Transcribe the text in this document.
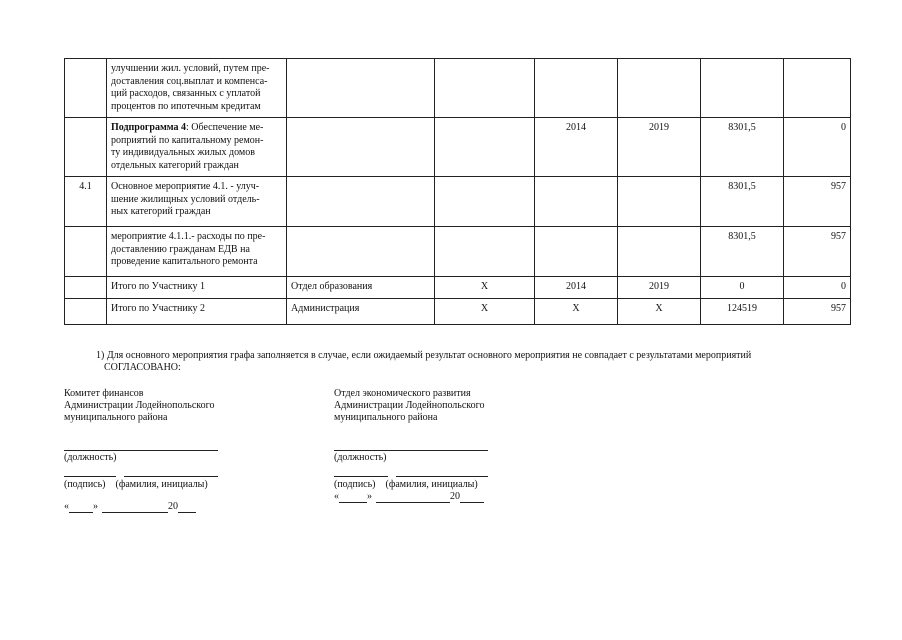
	улучшении жил. условий, путем пре-
доставления соц.выплат и компенса-
ций расходов, связанных с уплатой
процентов по ипотечным кредитам						
	Подпрограмма 4: Обеспечение ме-
роприятий по капитальному ремон-
ту индивидуальных жилых домов
отдельных категорий граждан			2014	2019	8301,5	0
4.1	Основное мероприятие 4.1. - улуч-
шение жилищных условий отдель-
ных категорий граждан					8301,5	957
	мероприятие 4.1.1.- расходы по пре-
доставлению гражданам ЕДВ на
проведение капитального ремонта					8301,5	957
	Итого по Участнику 1	Отдел образования	Х	2014	2019	0	0
	Итого по Участнику 2	Администрация	Х	Х	Х	124519	957
1) Для основного мероприятия графа заполняется в случае, если ожидаемый результат основного мероприятия не совпадает с результатами мероприятий
СОГЛАСОВАНО:
Комитет финансов
Администрации Лодейнопольского
муниципального района
(должность)
(подпись) (фамилия, инициалы)
« »	20
Отдел экономического развития
Администрации Лодейнопольского
муниципального района
(должность)
(подпись) (фамилия, инициалы)
«	»	20
